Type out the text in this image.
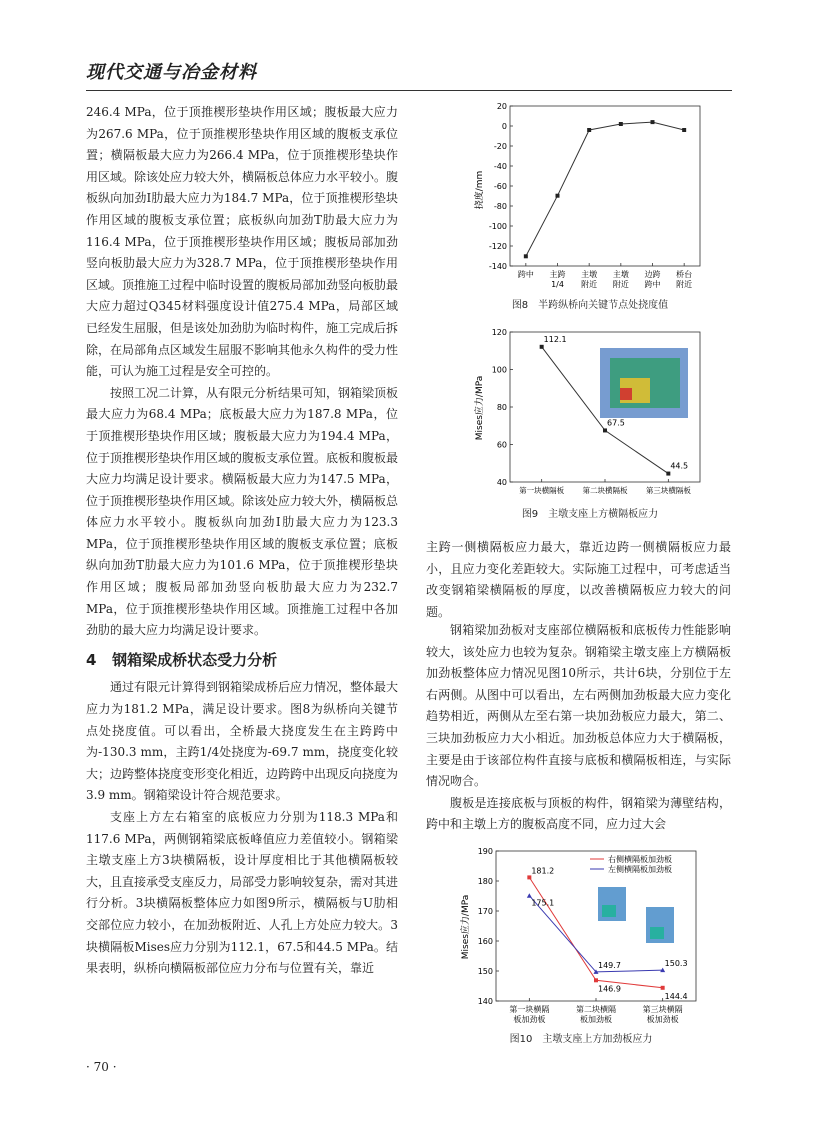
现代交通与冶金材料

246.4 MPa，位于顶推楔形垫块作用区域；腹板最大应力为267.6 MPa，位于顶推楔形垫块作用区域的腹板支承位置；横隔板最大应力为266.4 MPa，位于顶推楔形垫块作用区域。除该处应力较大外，横隔板总体应力水平较小。腹板纵向加劲I肋最大应力为184.7 MPa，位于顶推楔形垫块作用区域的腹板支承位置；底板纵向加劲T肋最大应力为116.4 MPa，位于顶推楔形垫块作用区域；腹板局部加劲竖向板肋最大应力为328.7 MPa，位于顶推楔形垫块作用区域。顶推施工过程中临时设置的腹板局部加劲竖向板肋最大应力超过Q345材料强度设计值275.4 MPa，局部区域已经发生屈服，但是该处加劲肋为临时构件，施工完成后拆除，在局部角点区域发生屈服不影响其他永久构件的受力性能，可认为施工过程是安全可控的。

按照工况二计算，从有限元分析结果可知，钢箱梁顶板最大应力为68.4 MPa；底板最大应力为187.8 MPa，位于顶推楔形垫块作用区域；腹板最大应力为194.4 MPa，位于顶推楔形垫块作用区域的腹板支承位置。底板和腹板最大应力均满足设计要求。横隔板最大应力为147.5 MPa，位于顶推楔形垫块作用区域。除该处应力较大外，横隔板总体应力水平较小。腹板纵向加劲I肋最大应力为123.3 MPa，位于顶推楔形垫块作用区域的腹板支承位置；底板纵向加劲T肋最大应力为101.6 MPa，位于顶推楔形垫块作用区域；腹板局部加劲竖向板肋最大应力为232.7 MPa，位于顶推楔形垫块作用区域。顶推施工过程中各加劲肋的最大应力均满足设计要求。

4 钢箱梁成桥状态受力分析

通过有限元计算得到钢箱梁成桥后应力情况，整体最大应力为181.2 MPa，满足设计要求。图8为纵桥向关键节点处挠度值。可以看出，全桥最大挠度发生在主跨跨中为-130.3 mm，主跨1/4处挠度为-69.7 mm，挠度变化较大；边跨整体挠度变形变化相近，边跨跨中出现反向挠度为3.9 mm。钢箱梁设计符合规范要求。

支座上方左右箱室的底板应力分别为118.3 MPa和117.6 MPa，两侧钢箱梁底板峰值应力差值较小。钢箱梁主墩支座上方3块横隔板，设计厚度相比于其他横隔板较大，且直接承受支座反力，局部受力影响较复杂，需对其进行分析。3块横隔板整体应力如图9所示，横隔板与U肋相交部位应力较小，在加劲板附近、人孔上方处应力较大。3块横隔板Mises应力分别为112.1，67.5和44.5 MPa。结果表明，纵桥向横隔板部位应力分布与位置有关，靠近

挠度/mm
20
0
-20
-40
-60
-80
-100
-120
-140
跨中 主跨 1/4
主墩附近
主墩附近
边跨跨中
桥台附近
图8　半跨纵桥向关键节点处挠度值
Mises应力/MPa
120
100
80
60
40
第一块横隔板 第二块横隔板 第三块横隔板
112.1
67.5
44.5
图9　主墩支座上方横隔板应力

主跨一侧横隔板应力最大，靠近边跨一侧横隔板应力最小，且应力变化差距较大。实际施工过程中，可考虑适当改变钢箱梁横隔板的厚度，以改善横隔板应力较大的问题。

钢箱梁加劲板对支座部位横隔板和底板传力性能影响较大，该处应力也较为复杂。钢箱梁主墩支座上方横隔板加劲板整体应力情况见图10所示，共计6块，分别位于左右两侧。从图中可以看出，左右两侧加劲板最大应力变化趋势相近，两侧从左至右第一块加劲板应力最大，第二、三块加劲板应力大小相近。加劲板总体应力大于横隔板，主要是由于该部位构件直接与底板和横隔板相连，与实际情况吻合。

腹板是连接底板与顶板的构件，钢箱梁为薄壁结构，跨中和主墩上方的腹板高度不同，应力过大会

Mises应力/MPa
右侧横隔板加劲板
左侧横隔板加劲板
190
180
170
160
150
140
第一块横隔板加劲板
第二块横隔板加劲板
第三块横隔板加劲板
181.2
146.9
144.4
175.1
149.7	150.3
图10　主墩支座上方加劲板应力
· 70 ·
